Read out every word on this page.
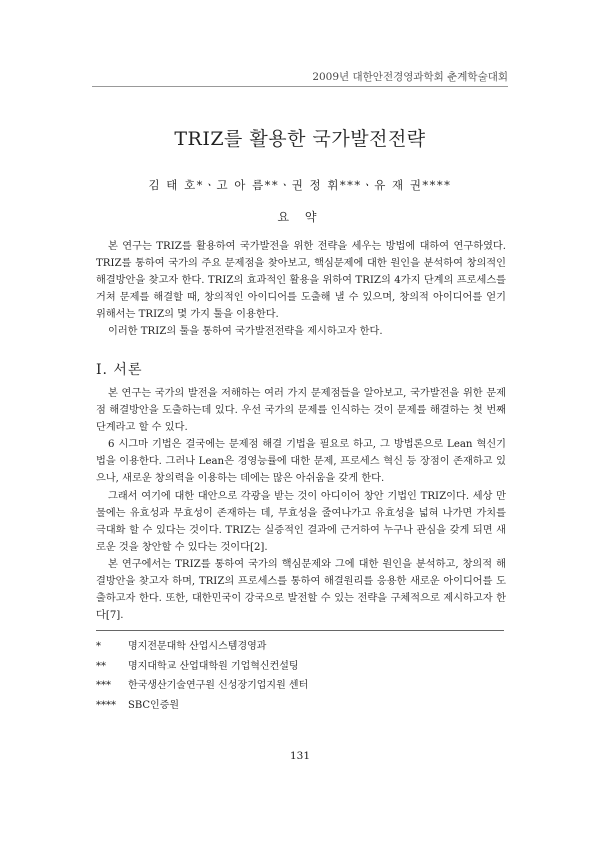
2009년 대한안전경영과학회 춘계학술대회
TRIZ를 활용한 국가발전전략
김 태 호*ㆍ고 아 름**ㆍ권 정 휘***ㆍ유 재 권****
요 약

본 연구는 TRIZ를 활용하여 국가발전을 위한 전략을 세우는 방법에 대하여 연구하였다. TRIZ를 통하여 국가의 주요 문제점을 찾아보고, 핵심문제에 대한 원인을 분석하여 창의적인 해결방안을 찾고자 한다. TRIZ의 효과적인 활용을 위하여 TRIZ의 4가지 단계의 프로세스를 거쳐 문제를 해결할 때, 창의적인 아이디어를 도출해 낼 수 있으며, 창의적 아이디어를 얻기 위해서는 TRIZ의 몇 가지 툴을 이용한다.

이러한 TRIZ의 툴을 통하여 국가발전전략을 제시하고자 한다.

Ⅰ. 서론

본 연구는 국가의 발전을 저해하는 여러 가지 문제점들을 알아보고, 국가발전을 위한 문제점 해결방안을 도출하는데 있다. 우선 국가의 문제를 인식하는 것이 문제를 해결하는 첫 번째 단계라고 할 수 있다.

6 시그마 기법은 결국에는 문제점 해결 기법을 필요로 하고, 그 방법론으로 Lean 혁신기법을 이용한다. 그러나 Lean은 경영능률에 대한 문제, 프로세스 혁신 등 장점이 존재하고 있으나, 새로운 창의력을 이용하는 데에는 많은 아쉬움을 갖게 한다.

그래서 여기에 대한 대안으로 각광을 받는 것이 아디이어 창안 기법인 TRIZ이다. 세상 만물에는 유효성과 무효성이 존재하는 데, 무효성을 줄여나가고 유효성을 넓혀 나가면 가치를 극대화 할 수 있다는 것이다. TRIZ는 실증적인 결과에 근거하여 누구나 관심을 갖게 되면 새로운 것을 창안할 수 있다는 것이다[2].

본 연구에서는 TRIZ를 통하여 국가의 핵심문제와 그에 대한 원인을 분석하고, 창의적 해결방안을 찾고자 하며, TRIZ의 프로세스를 통하여 해결원리를 응용한 새로운 아이디어를 도출하고자 한다. 또한, 대한민국이 강국으로 발전할 수 있는 전략을 구체적으로 제시하고자 한다[7].

*	명지전문대학 산업시스템경영과
** 명지대학교 산업대학원 기업혁신컨설팅
*** 한국생산기술연구원 신성장기업지원 센터
**** SBC인증원
131
